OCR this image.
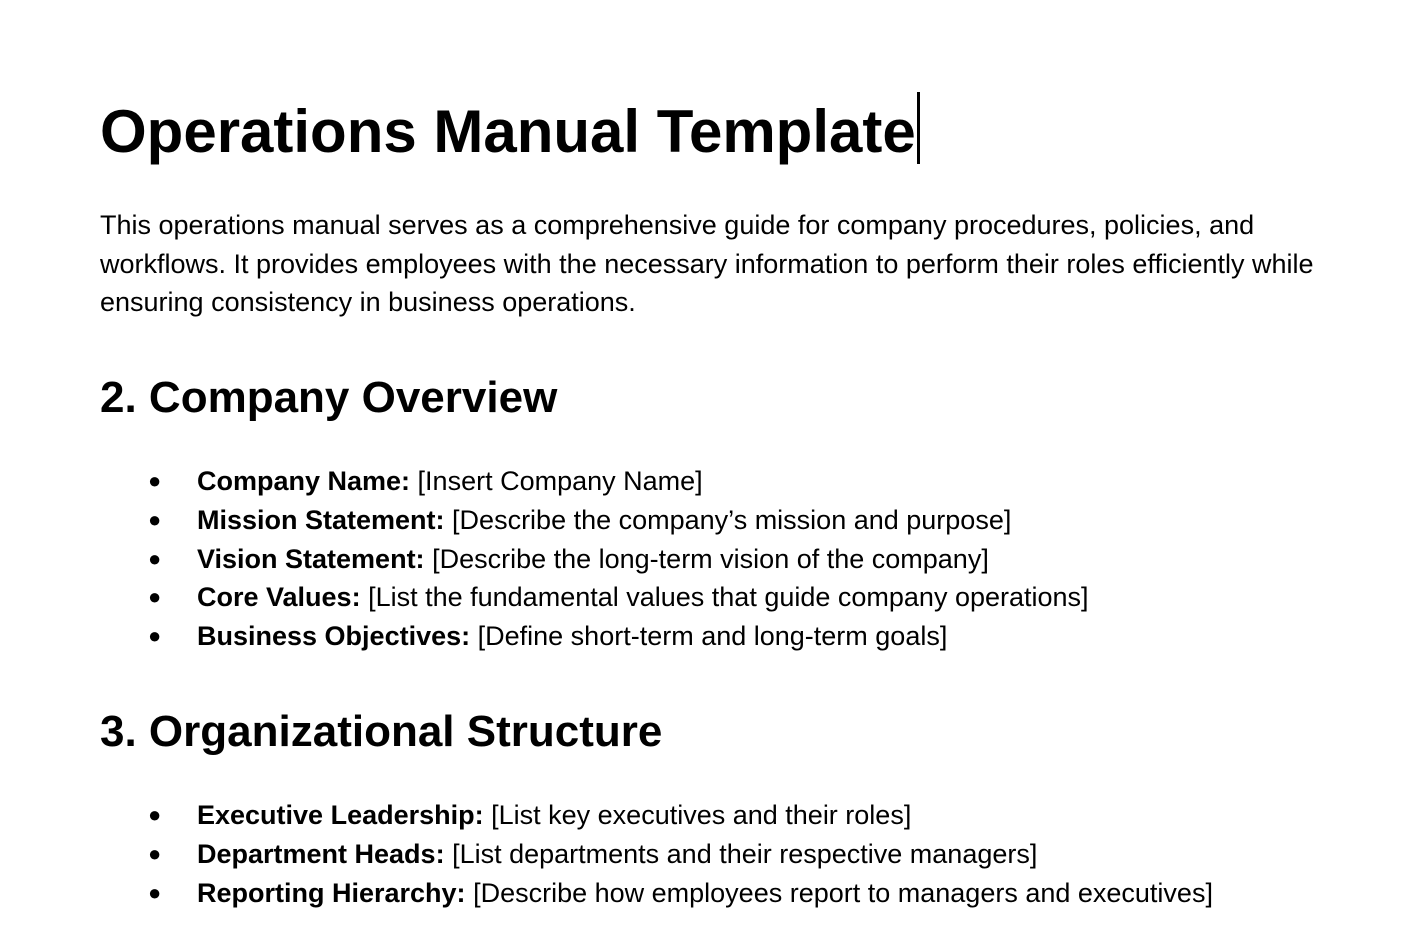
Operations Manual Template

This operations manual serves as a comprehensive guide for company procedures, policies, and workflows. It provides employees with the necessary information to perform their roles efficiently while ensuring consistency in business operations.

2. Company Overview
● Company Name: [Insert Company Name]
● Mission Statement: [Describe the company’s mission and purpose]
● Vision Statement: [Describe the long-term vision of the company]
● Core Values: [List the fundamental values that guide company operations]
● Business Objectives: [Define short-term and long-term goals]
3. Organizational Structure
● Executive Leadership: [List key executives and their roles]
● Department Heads: [List departments and their respective managers]
● Reporting Hierarchy: [Describe how employees report to managers and executives]
